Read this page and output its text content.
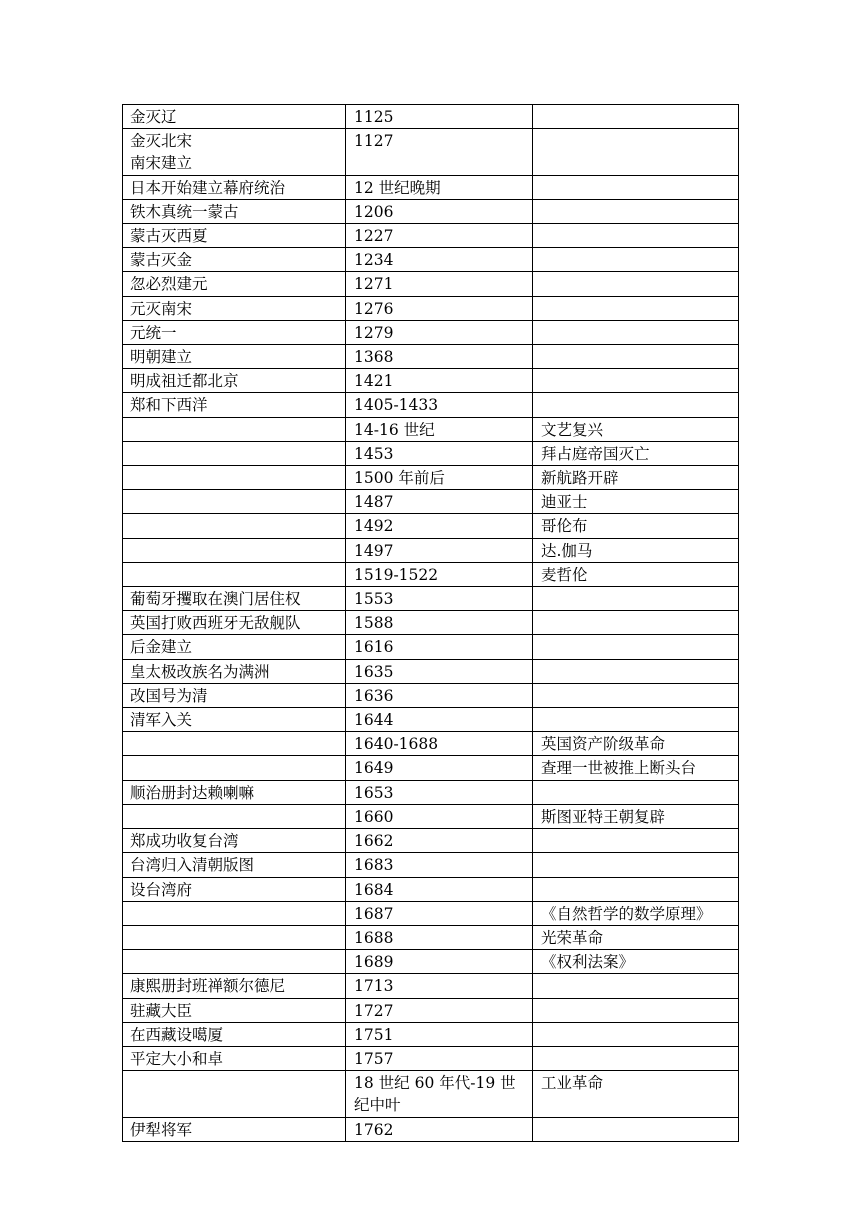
金灭辽	1125	
金灭北宋
南宋建立	1127	
日本开始建立幕府统治	12 世纪晚期	
铁木真统一蒙古	1206	
蒙古灭西夏	1227	
蒙古灭金	1234	
忽必烈建元	1271	
元灭南宋	1276	
元统一	1279	
明朝建立	1368	
明成祖迁都北京	1421	
郑和下西洋	1405-1433	
	14-16 世纪	文艺复兴
	1453	拜占庭帝国灭亡
	1500 年前后	新航路开辟
	1487	迪亚士
	1492	哥伦布
	1497	达.伽马
	1519-1522	麦哲伦
葡萄牙攫取在澳门居住权	1553	
英国打败西班牙无敌舰队	1588	
后金建立	1616	
皇太极改族名为满洲	1635	
改国号为清	1636	
清军入关	1644	
	1640-1688	英国资产阶级革命
	1649	查理一世被推上断头台
顺治册封达赖喇嘛	1653	
	1660	斯图亚特王朝复辟
郑成功收复台湾	1662	
台湾归入清朝版图	1683	
设台湾府	1684	
	1687	《自然哲学的数学原理》
	1688	光荣革命
	1689	《权利法案》
康熙册封班禅额尔德尼	1713	
驻藏大臣	1727	
在西藏设噶厦	1751	
平定大小和卓	1757	
	18 世纪 60 年代-19 世纪中叶	工业革命
伊犁将军	1762	
